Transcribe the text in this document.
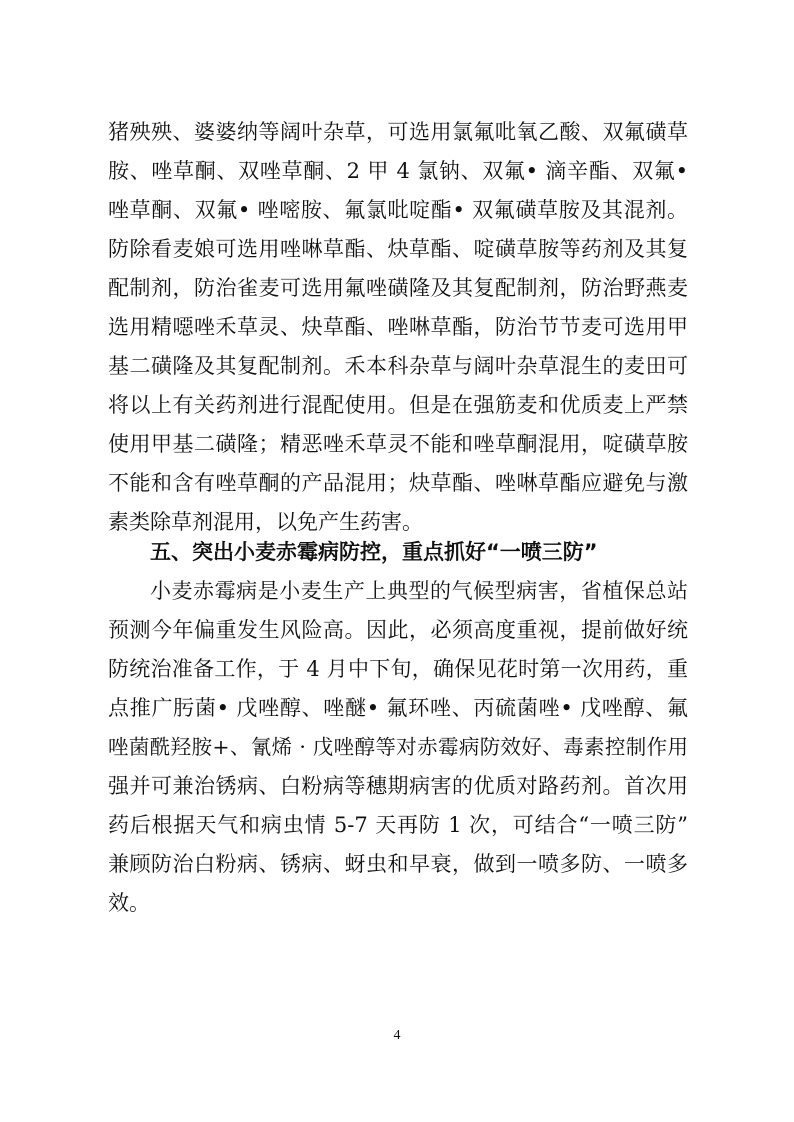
猪殃殃、婆婆纳等阔叶杂草，可选用氯氟吡氧乙酸、双氟磺草
胺、唑草酮、双唑草酮、2 甲 4 氯钠、双氟• 滴辛酯、双氟•
唑草酮、双氟• 唑嘧胺、氟氯吡啶酯• 双氟磺草胺及其混剂。
防除看麦娘可选用唑啉草酯、炔草酯、啶磺草胺等药剂及其复
配制剂，防治雀麦可选用氟唑磺隆及其复配制剂，防治野燕麦
选用精噁唑禾草灵、炔草酯、唑啉草酯，防治节节麦可选用甲
基二磺隆及其复配制剂。禾本科杂草与阔叶杂草混生的麦田可
将以上有关药剂进行混配使用。但是在强筋麦和优质麦上严禁
使用甲基二磺隆；精恶唑禾草灵不能和唑草酮混用，啶磺草胺
不能和含有唑草酮的产品混用；炔草酯、唑啉草酯应避免与激
素类除草剂混用，以免产生药害。
五、突出小麦赤霉病防控，重点抓好“一喷三防”
小麦赤霉病是小麦生产上典型的气候型病害，省植保总站
预测今年偏重发生风险高。因此，必须高度重视，提前做好统
防统治准备工作，于 4 月中下旬，确保见花时第一次用药，重
点推广肟菌• 戊唑醇、唑醚• 氟环唑、丙硫菌唑• 戊唑醇、氟
唑菌酰羟胺+、氰烯 · 戊唑醇等对赤霉病防效好、毒素控制作用
强并可兼治锈病、白粉病等穗期病害的优质对路药剂。首次用
药后根据天气和病虫情 5-7 天再防 1 次，可结合“一喷三防”
兼顾防治白粉病、锈病、蚜虫和早衰，做到一喷多防、一喷多
效。
4
